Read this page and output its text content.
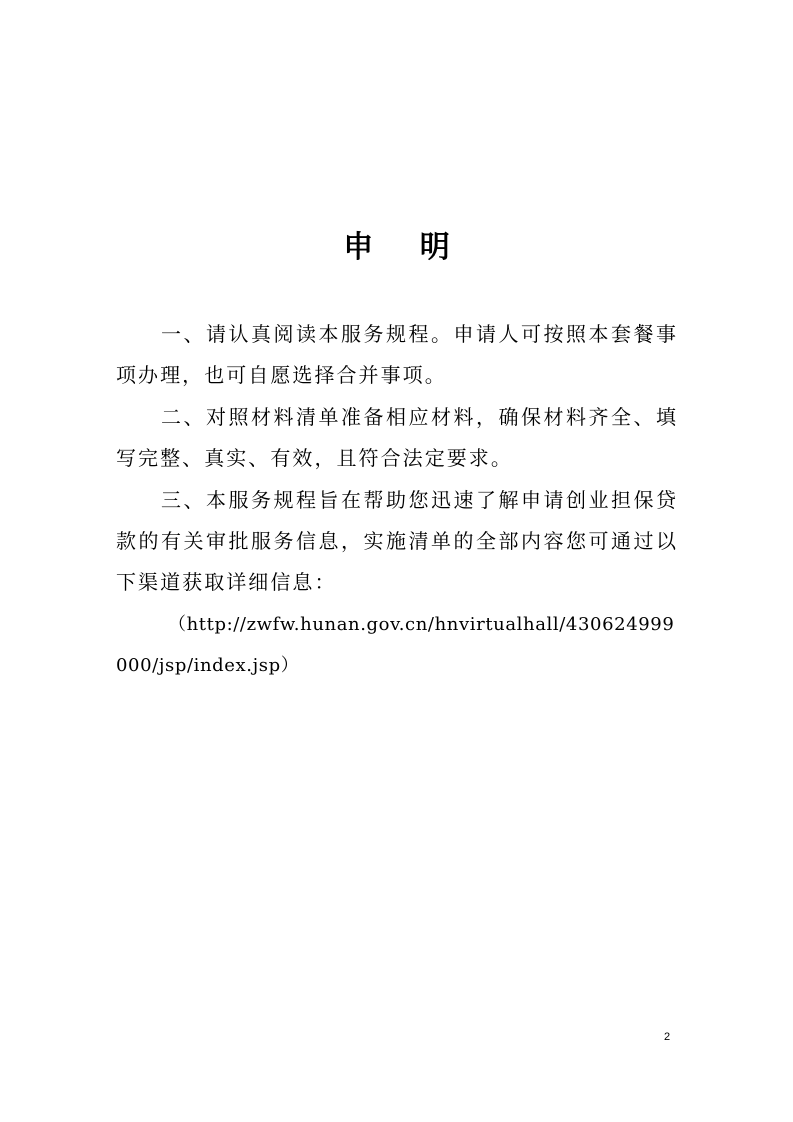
申 明

一、请认真阅读本服务规程。申请人可按照本套餐事项办理，也可自愿选择合并事项。

二、对照材料清单准备相应材料，确保材料齐全、填写完整、真实、有效，且符合法定要求。

三、本服务规程旨在帮助您迅速了解申请创业担保贷款的有关审批服务信息，实施清单的全部内容您可通过以下渠道获取详细信息：

（http://zwfw.hunan.gov.cn/hnvirtualhall/430624999000/jsp/index.jsp）

2
